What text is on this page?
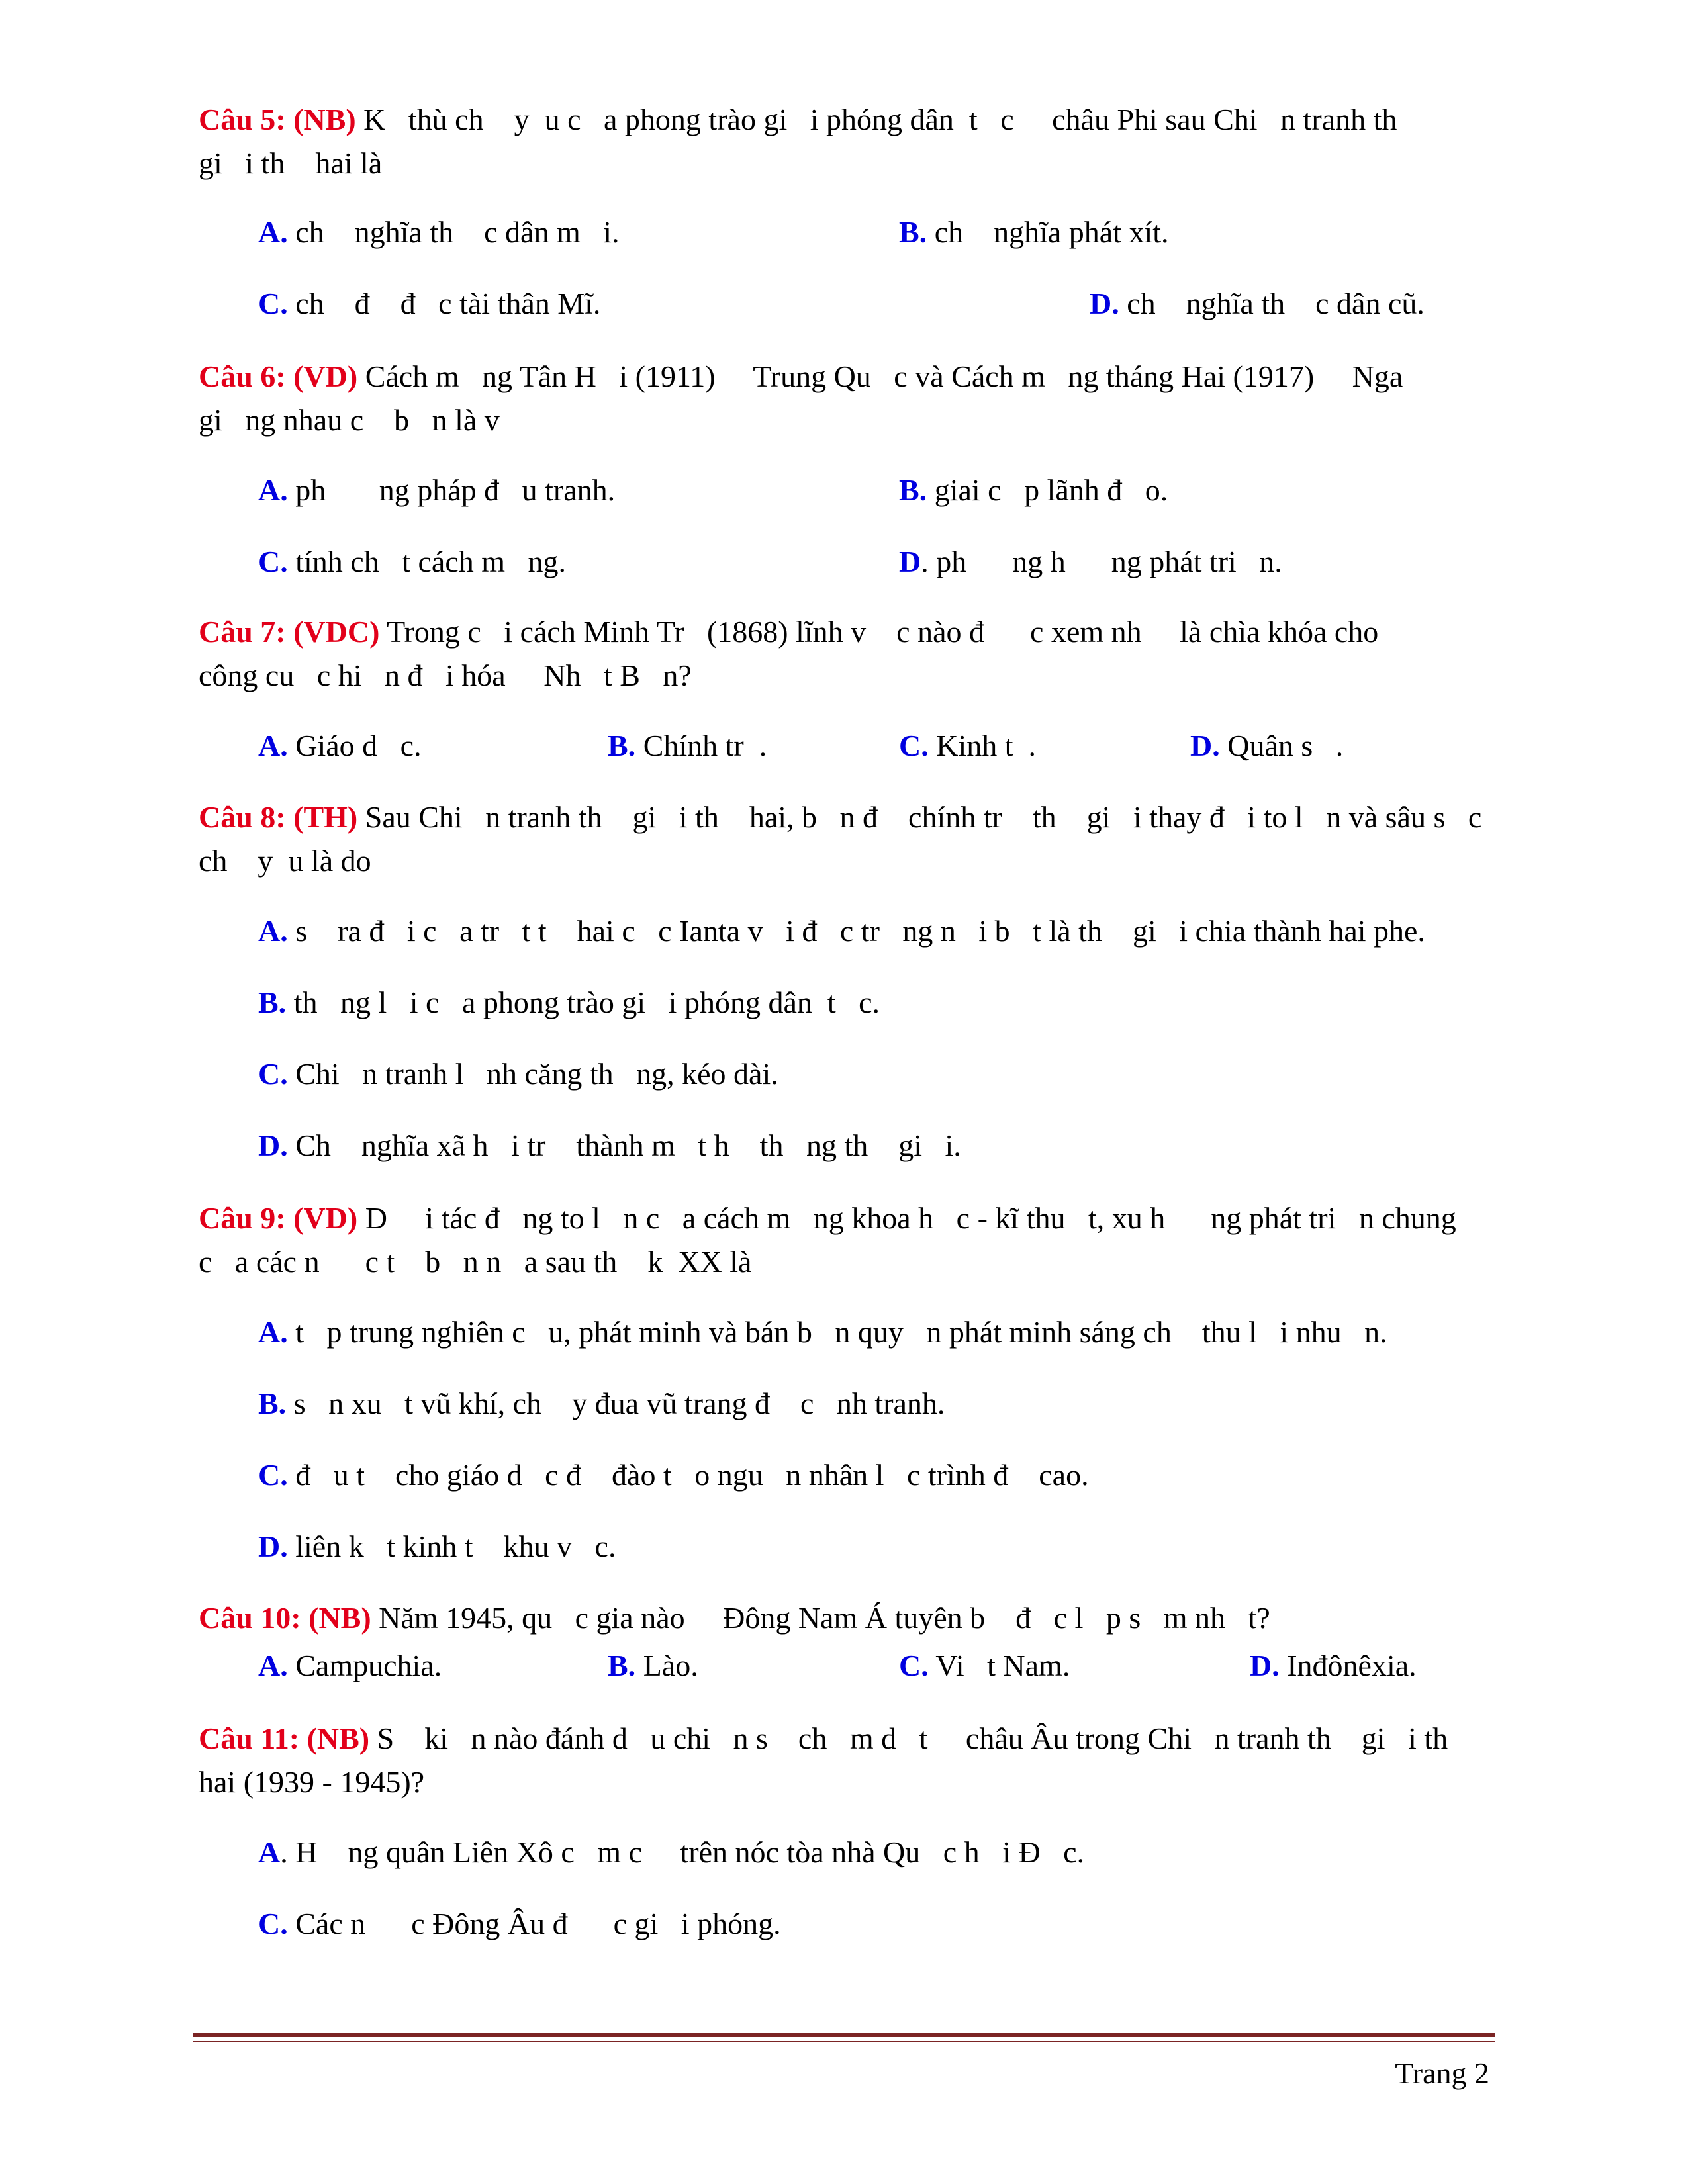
Câu 5: (NB) K   thù ch    y  u c   a phong trào gi   i phóng dân  t   c     châu Phi sau Chi   n tranh th
gi   i th    hai là
A. ch    nghĩa th    c dân m   i.	B. ch    nghĩa phát xít.
C. ch    đ    đ   c tài thân Mĩ.	D. ch    nghĩa th    c dân cũ.
Câu 6: (VD) Cách m   ng Tân H   i (1911)     Trung Qu   c và Cách m   ng tháng Hai (1917)     Nga
gi   ng nhau c    b   n là v
A. ph       ng pháp đ   u tranh.	B. giai c   p lãnh đ   o.
C. tính ch   t cách m   ng.	D. ph      ng h      ng phát tri   n.
Câu 7: (VDC) Trong c   i cách Minh Tr   (1868) lĩnh v    c nào đ      c xem nh     là chìa khóa cho
công cu   c hi   n đ   i hóa     Nh   t B   n?
A. Giáo d   c.	B. Chính tr  .	C. Kinh t  .	D. Quân s   .
Câu 8: (TH) Sau Chi   n tranh th    gi   i th    hai, b   n đ    chính tr    th    gi   i thay đ   i to l   n và sâu s   c
ch    y  u là do
A. s    ra đ   i c   a tr   t t    hai c   c Ianta v   i đ   c tr   ng n   i b   t là th    gi   i chia thành hai phe.
B. th   ng l   i c   a phong trào gi   i phóng dân  t   c.
C. Chi   n tranh l   nh căng th   ng, kéo dài.
D. Ch    nghĩa xã h   i tr    thành m   t h    th   ng th    gi   i.
Câu 9: (VD) D     i tác đ   ng to l   n c   a cách m   ng khoa h   c - kĩ thu   t, xu h      ng phát tri   n chung
c   a các n      c t    b   n n   a sau th    k  XX là
A. t   p trung nghiên c   u, phát minh và bán b   n quy   n phát minh sáng ch    thu l   i nhu   n.
B. s   n xu   t vũ khí, ch    y đua vũ trang đ    c   nh tranh.
C. đ   u t    cho giáo d   c đ    đào t   o ngu   n nhân l   c trình đ    cao.
D. liên k   t kinh t    khu v   c.
Câu 10: (NB) Năm 1945, qu   c gia nào     Đông Nam Á tuyên b    đ   c l   p s   m nh   t?
A. Campuchia.	B. Lào.	C. Vi   t Nam.	D. Inđônêxia.
Câu 11: (NB) S    ki   n nào đánh d   u chi   n s    ch   m d   t     châu Âu trong Chi   n tranh th    gi   i th
hai (1939 - 1945)?
A. H    ng quân Liên Xô c   m c     trên nóc tòa nhà Qu   c h   i Đ   c.
C. Các n      c Đông Âu đ      c gi   i phóng.
Trang 2
